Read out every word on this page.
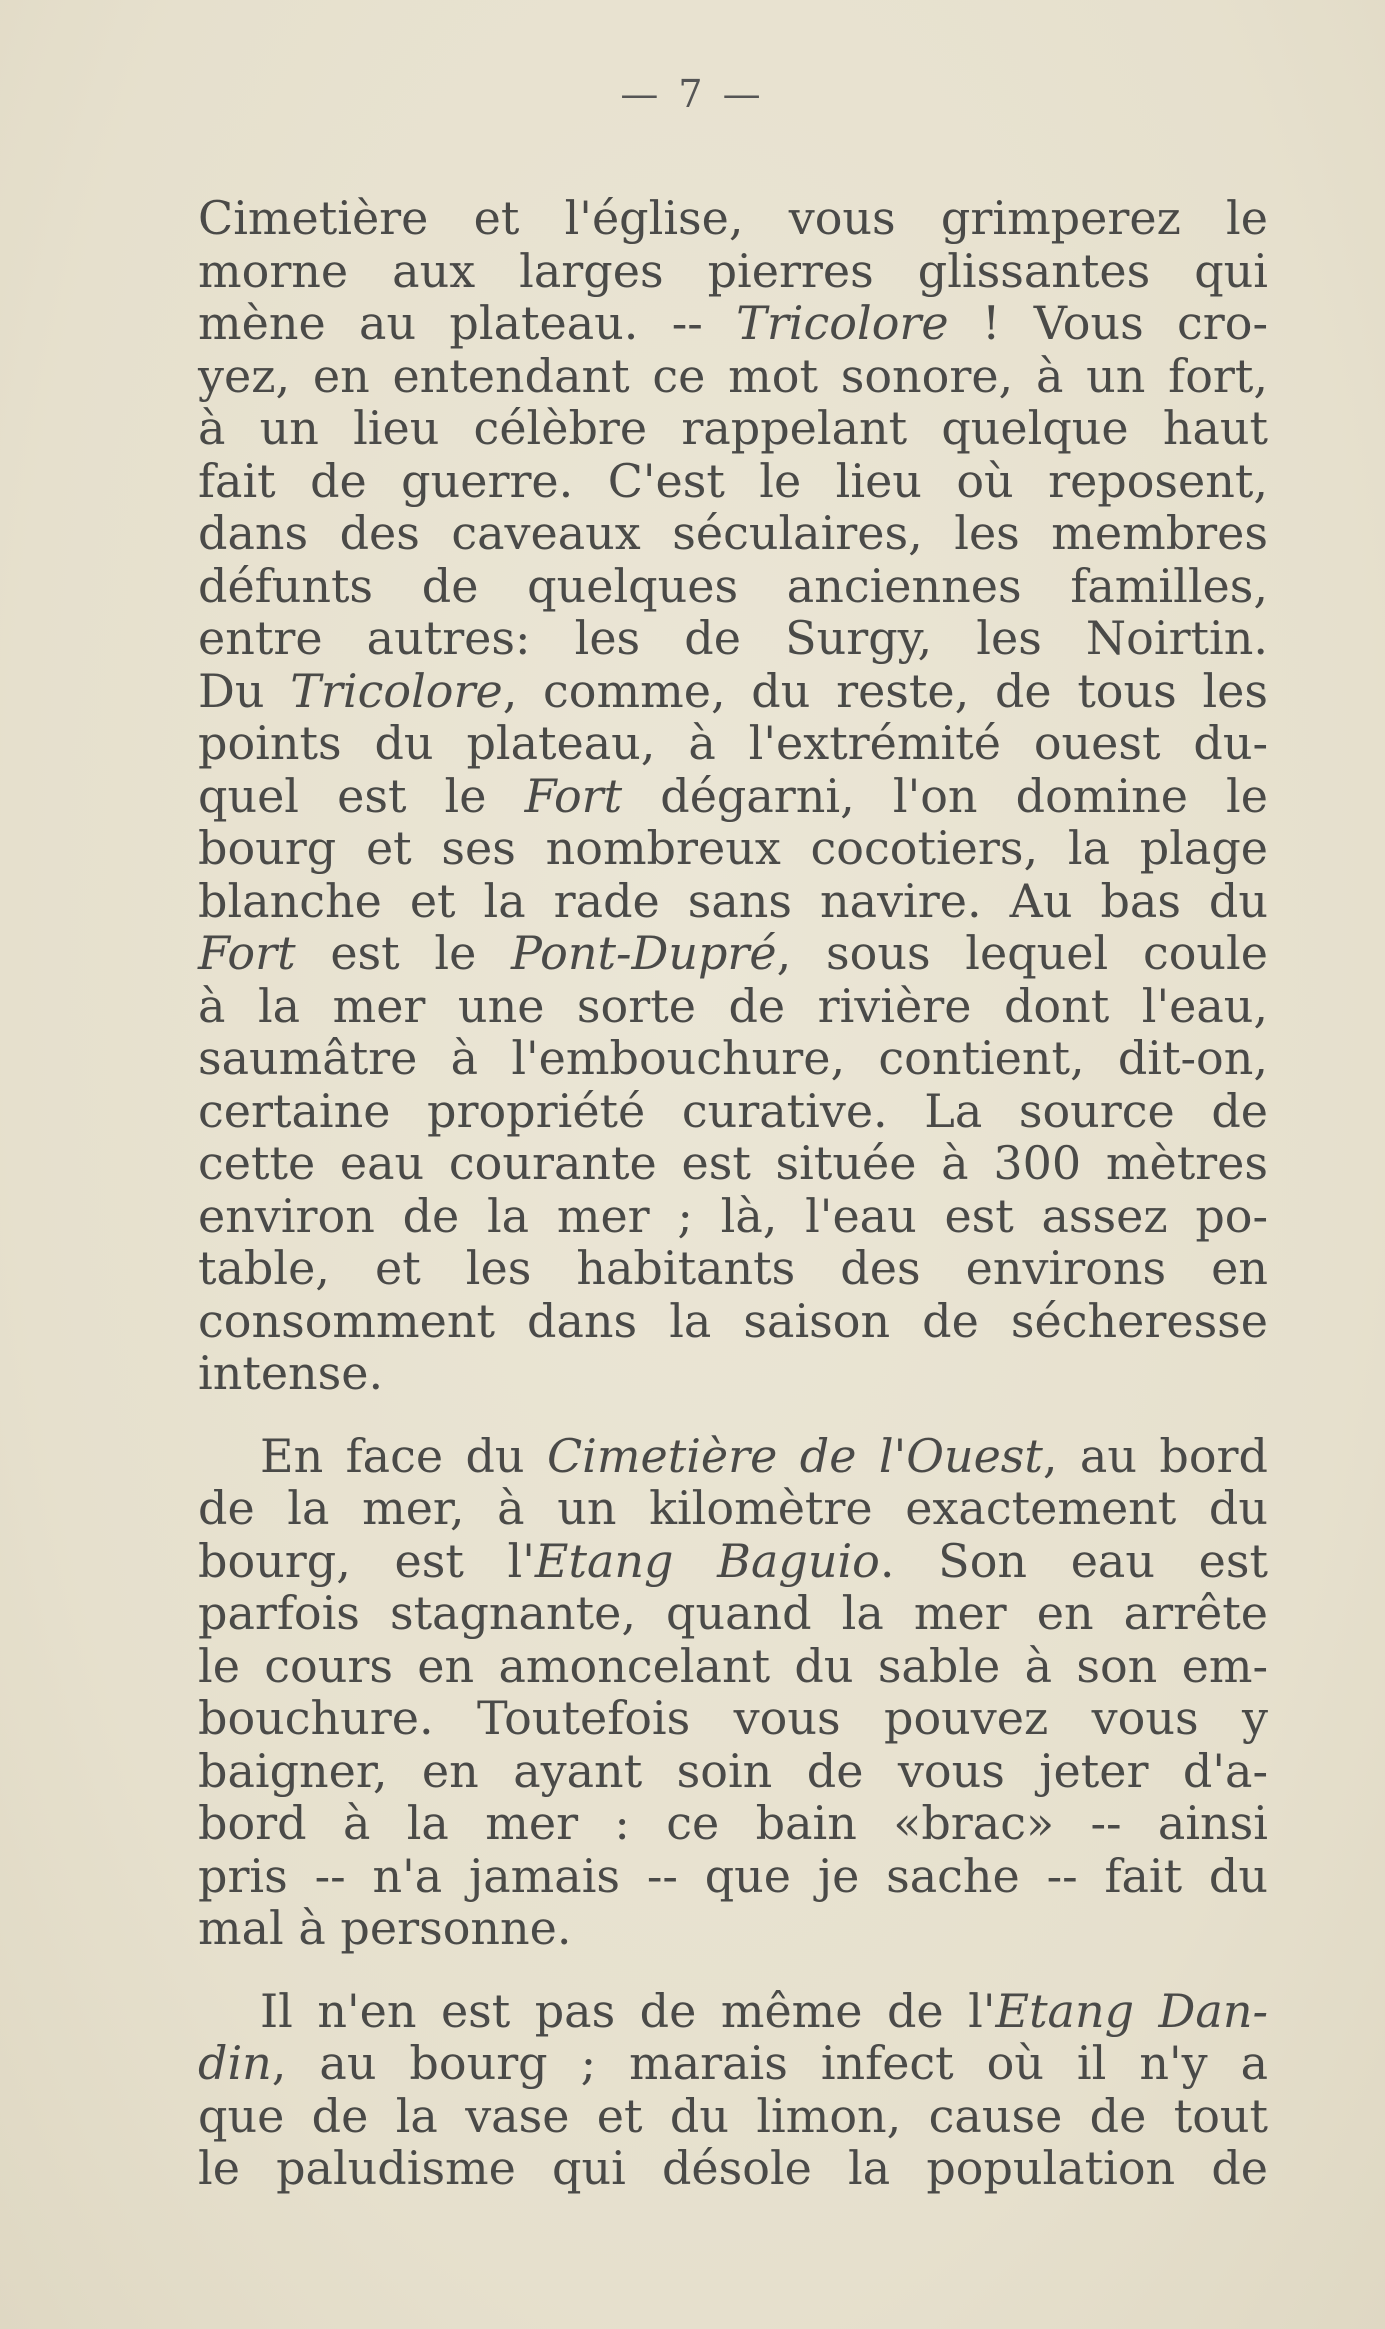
— 7 —
Cimetière et l'église, vous grimperez le
morne aux larges pierres glissantes qui
mène au plateau. -- Tricolore ! Vous cro-
yez, en entendant ce mot sonore, à un fort,
à un lieu célèbre rappelant quelque haut
fait de guerre. C'est le lieu où reposent,
dans des caveaux séculaires, les membres
défunts de quelques anciennes familles,
entre autres: les de Surgy, les Noirtin.
Du Tricolore, comme, du reste, de tous les
points du plateau, à l'extrémité ouest du-
quel est le Fort dégarni, l'on domine le
bourg et ses nombreux cocotiers, la plage
blanche et la rade sans navire. Au bas du
Fort est le Pont-Dupré, sous lequel coule
à la mer une sorte de rivière dont l'eau,
saumâtre à l'embouchure, contient, dit-on,
certaine propriété curative. La source de
cette eau courante est située à 300 mètres
environ de la mer ; là, l'eau est assez po-
table, et les habitants des environs en
consomment dans la saison de sécheresse
intense.
En face du Cimetière de l'Ouest, au bord
de la mer, à un kilomètre exactement du
bourg, est l'Etang Baguio. Son eau est
parfois stagnante, quand la mer en arrête
le cours en amoncelant du sable à son em-
bouchure. Toutefois vous pouvez vous y
baigner, en ayant soin de vous jeter d'a-
bord à la mer : ce bain «brac» -- ainsi
pris -- n'a jamais -- que je sache -- fait du
mal à personne.
Il n'en est pas de même de l'Etang Dan-
din, au bourg ; marais infect où il n'y a
que de la vase et du limon, cause de tout
le paludisme qui désole la population de
